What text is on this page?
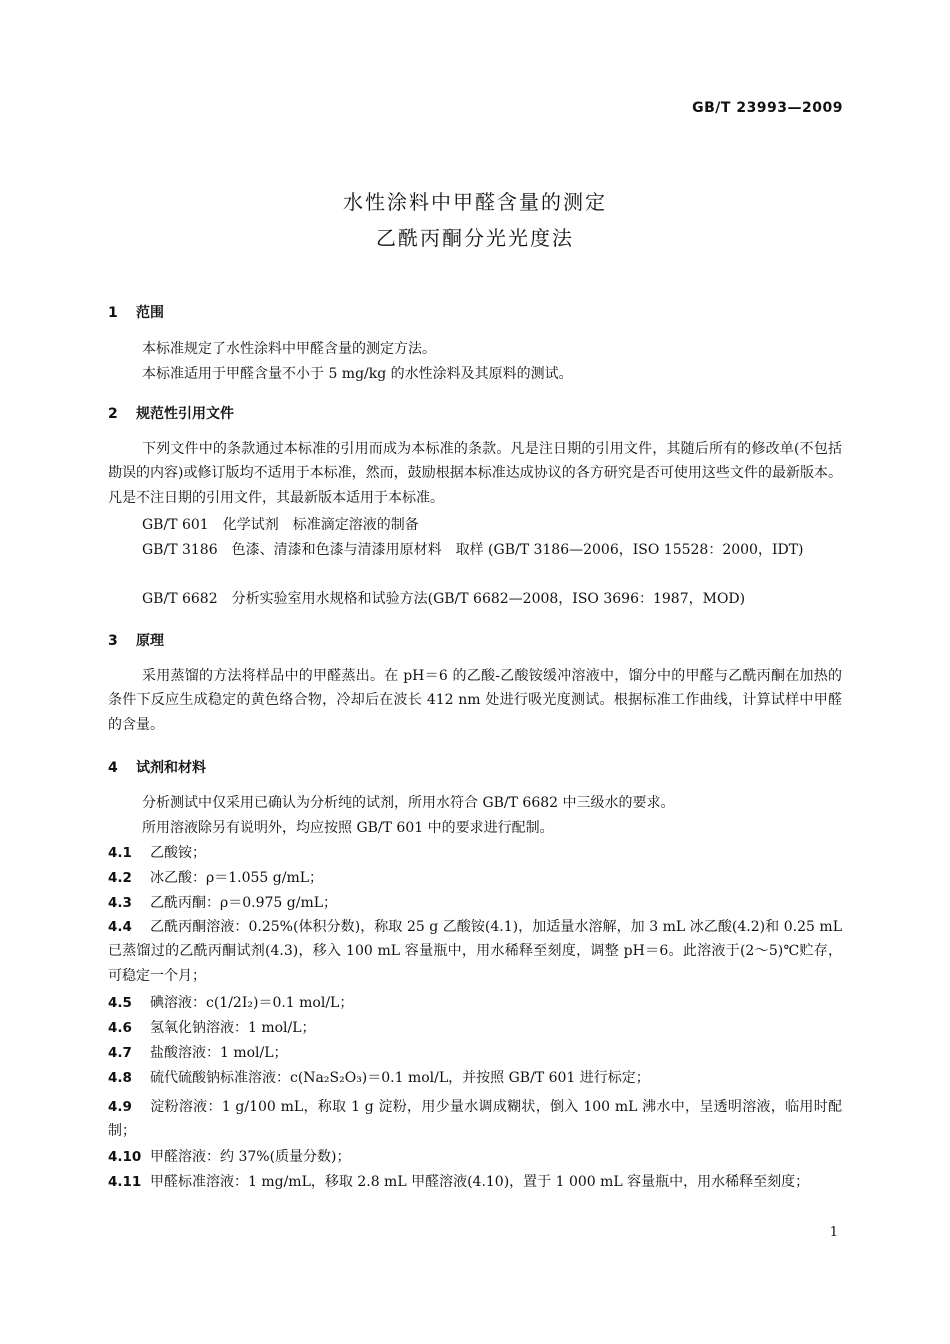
GB/T 23993—2009
水性涂料中甲醛含量的测定
乙酰丙酮分光光度法
1 范围
本标准规定了水性涂料中甲醛含量的测定方法。
本标准适用于甲醛含量不小于 5 mg/kg 的水性涂料及其原料的测试。
2 规范性引用文件
下列文件中的条款通过本标准的引用而成为本标准的条款。凡是注日期的引用文件，其随后所有的修改单(不包括勘误的内容)或修订版均不适用于本标准，然而，鼓励根据本标准达成协议的各方研究是否可使用这些文件的最新版本。凡是不注日期的引用文件，其最新版本适用于本标准。
GB/T 601　化学试剂　标准滴定溶液的制备
GB/T 3186　色漆、清漆和色漆与清漆用原材料　取样 (GB/T 3186—2006，ISO 15528：2000，IDT)
GB/T 6682　分析实验室用水规格和试验方法(GB/T 6682—2008，ISO 3696：1987，MOD)
3 原理
采用蒸馏的方法将样品中的甲醛蒸出。在 pH＝6 的乙酸-乙酸铵缓冲溶液中，馏分中的甲醛与乙酰丙酮在加热的条件下反应生成稳定的黄色络合物，冷却后在波长 412 nm 处进行吸光度测试。根据标准工作曲线，计算试样中甲醛的含量。
4 试剂和材料
分析测试中仅采用已确认为分析纯的试剂，所用水符合 GB/T 6682 中三级水的要求。
所用溶液除另有说明外，均应按照 GB/T 601 中的要求进行配制。
4.1 乙酸铵；
4.2 冰乙酸：ρ＝1.055 g/mL；
4.3 乙酰丙酮：ρ＝0.975 g/mL；
4.4 乙酰丙酮溶液：0.25%(体积分数)，称取 25 g 乙酸铵(4.1)，加适量水溶解，加 3 mL 冰乙酸(4.2)和 0.25 mL 已蒸馏过的乙酰丙酮试剂(4.3)，移入 100 mL 容量瓶中，用水稀释至刻度，调整 pH＝6。此溶液于(2～5)℃贮存，可稳定一个月；
4.5 碘溶液：c(1/2I₂)＝0.1 mol/L；
4.6 氢氧化钠溶液：1 mol/L；
4.7 盐酸溶液：1 mol/L；
4.8 硫代硫酸钠标准溶液：c(Na₂S₂O₃)＝0.1 mol/L，并按照 GB/T 601 进行标定；
4.9 淀粉溶液：1 g/100 mL，称取 1 g 淀粉，用少量水调成糊状，倒入 100 mL 沸水中，呈透明溶液，临用时配制；
4.10 甲醛溶液：约 37%(质量分数)；
4.11 甲醛标准溶液：1 mg/mL，移取 2.8 mL 甲醛溶液(4.10)，置于 1 000 mL 容量瓶中，用水稀释至刻度；
1
